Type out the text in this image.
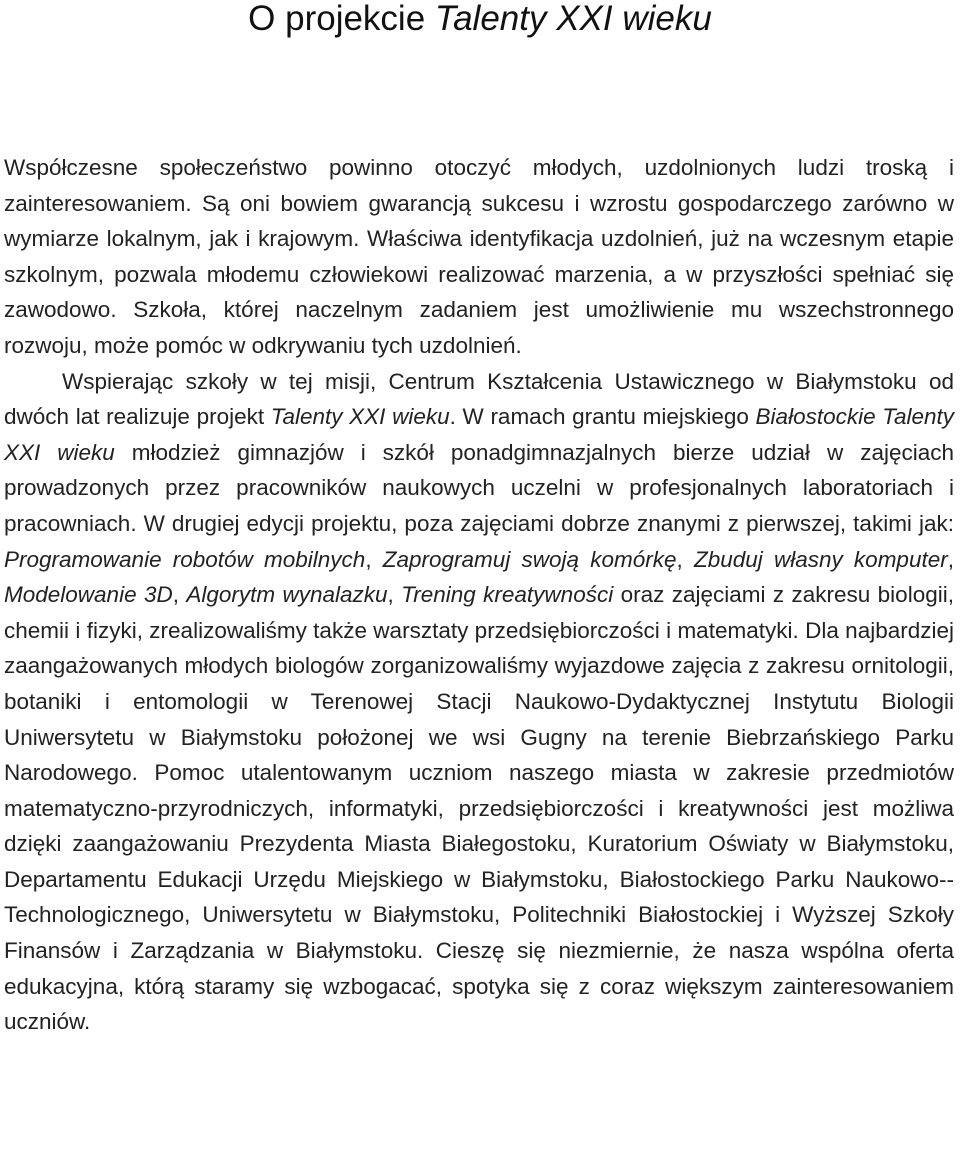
O projekcie Talenty XXI wieku

Współczesne społeczeństwo powinno otoczyć młodych, uzdolnionych ludzi troską i zainteresowaniem. Są oni bowiem gwarancją sukcesu i wzrostu gospodarczego zarówno w wymiarze lokalnym, jak i krajowym. Właściwa identyfikacja uzdolnień, już na wczesnym etapie szkolnym, pozwala młodemu człowiekowi realizować marzenia, a w przyszłości spełniać się zawodowo. Szkoła, której naczelnym zadaniem jest umożliwienie mu wszechstronnego rozwoju, może pomóc w odkrywaniu tych uzdolnień.

Wspierając szkoły w tej misji, Centrum Kształcenia Ustawicznego w Białymstoku od dwóch lat realizuje projekt Talenty XXI wieku. W ramach grantu miejskiego Białostockie Talenty XXI wieku młodzież gimnazjów i szkół ponadgimnazjalnych bierze udział w zajęciach prowadzonych przez pracowników naukowych uczelni w profesjonalnych laboratoriach i pracowniach. W drugiej edycji projektu, poza zajęciami dobrze znanymi z pierwszej, takimi jak: Programowanie robotów mobilnych, Zaprogramuj swoją komórkę, Zbuduj własny komputer, Modelowanie 3D, Algorytm wynalazku, Trening kreatywności oraz zajęciami z zakresu biologii, chemii i fizyki, zrealizowaliśmy także warsztaty przedsiębiorczości i matematyki. Dla najbardziej zaangażowanych młodych biologów zorganizowaliśmy wyjazdowe zajęcia z zakresu ornitologii, botaniki i entomologii w Terenowej Stacji Naukowo-Dydaktycznej Instytutu Biologii Uniwersytetu w Białymstoku położonej we wsi Gugny na terenie Biebrzańskiego Parku Narodowego. Pomoc utalentowanym uczniom naszego miasta w zakresie przedmiotów matematyczno-przyrodniczych, informatyki, przedsiębiorczości i kreatywności jest możliwa dzięki zaangażowaniu Prezydenta Miasta Białegostoku, Kuratorium Oświaty w Białymstoku, Departamentu Edukacji Urzędu Miejskiego w Białymstoku, Białostockiego Parku Naukowo-Technologicznego, Uniwersytetu w Białymstoku, Politechniki Białostockiej i Wyższej Szkoły Finansów i Zarządzania w Białymstoku. Cieszę się niezmiernie, że nasza wspólna oferta edukacyjna, którą staramy się wzbogacać, spotyka się z coraz większym zainteresowaniem uczniów.
